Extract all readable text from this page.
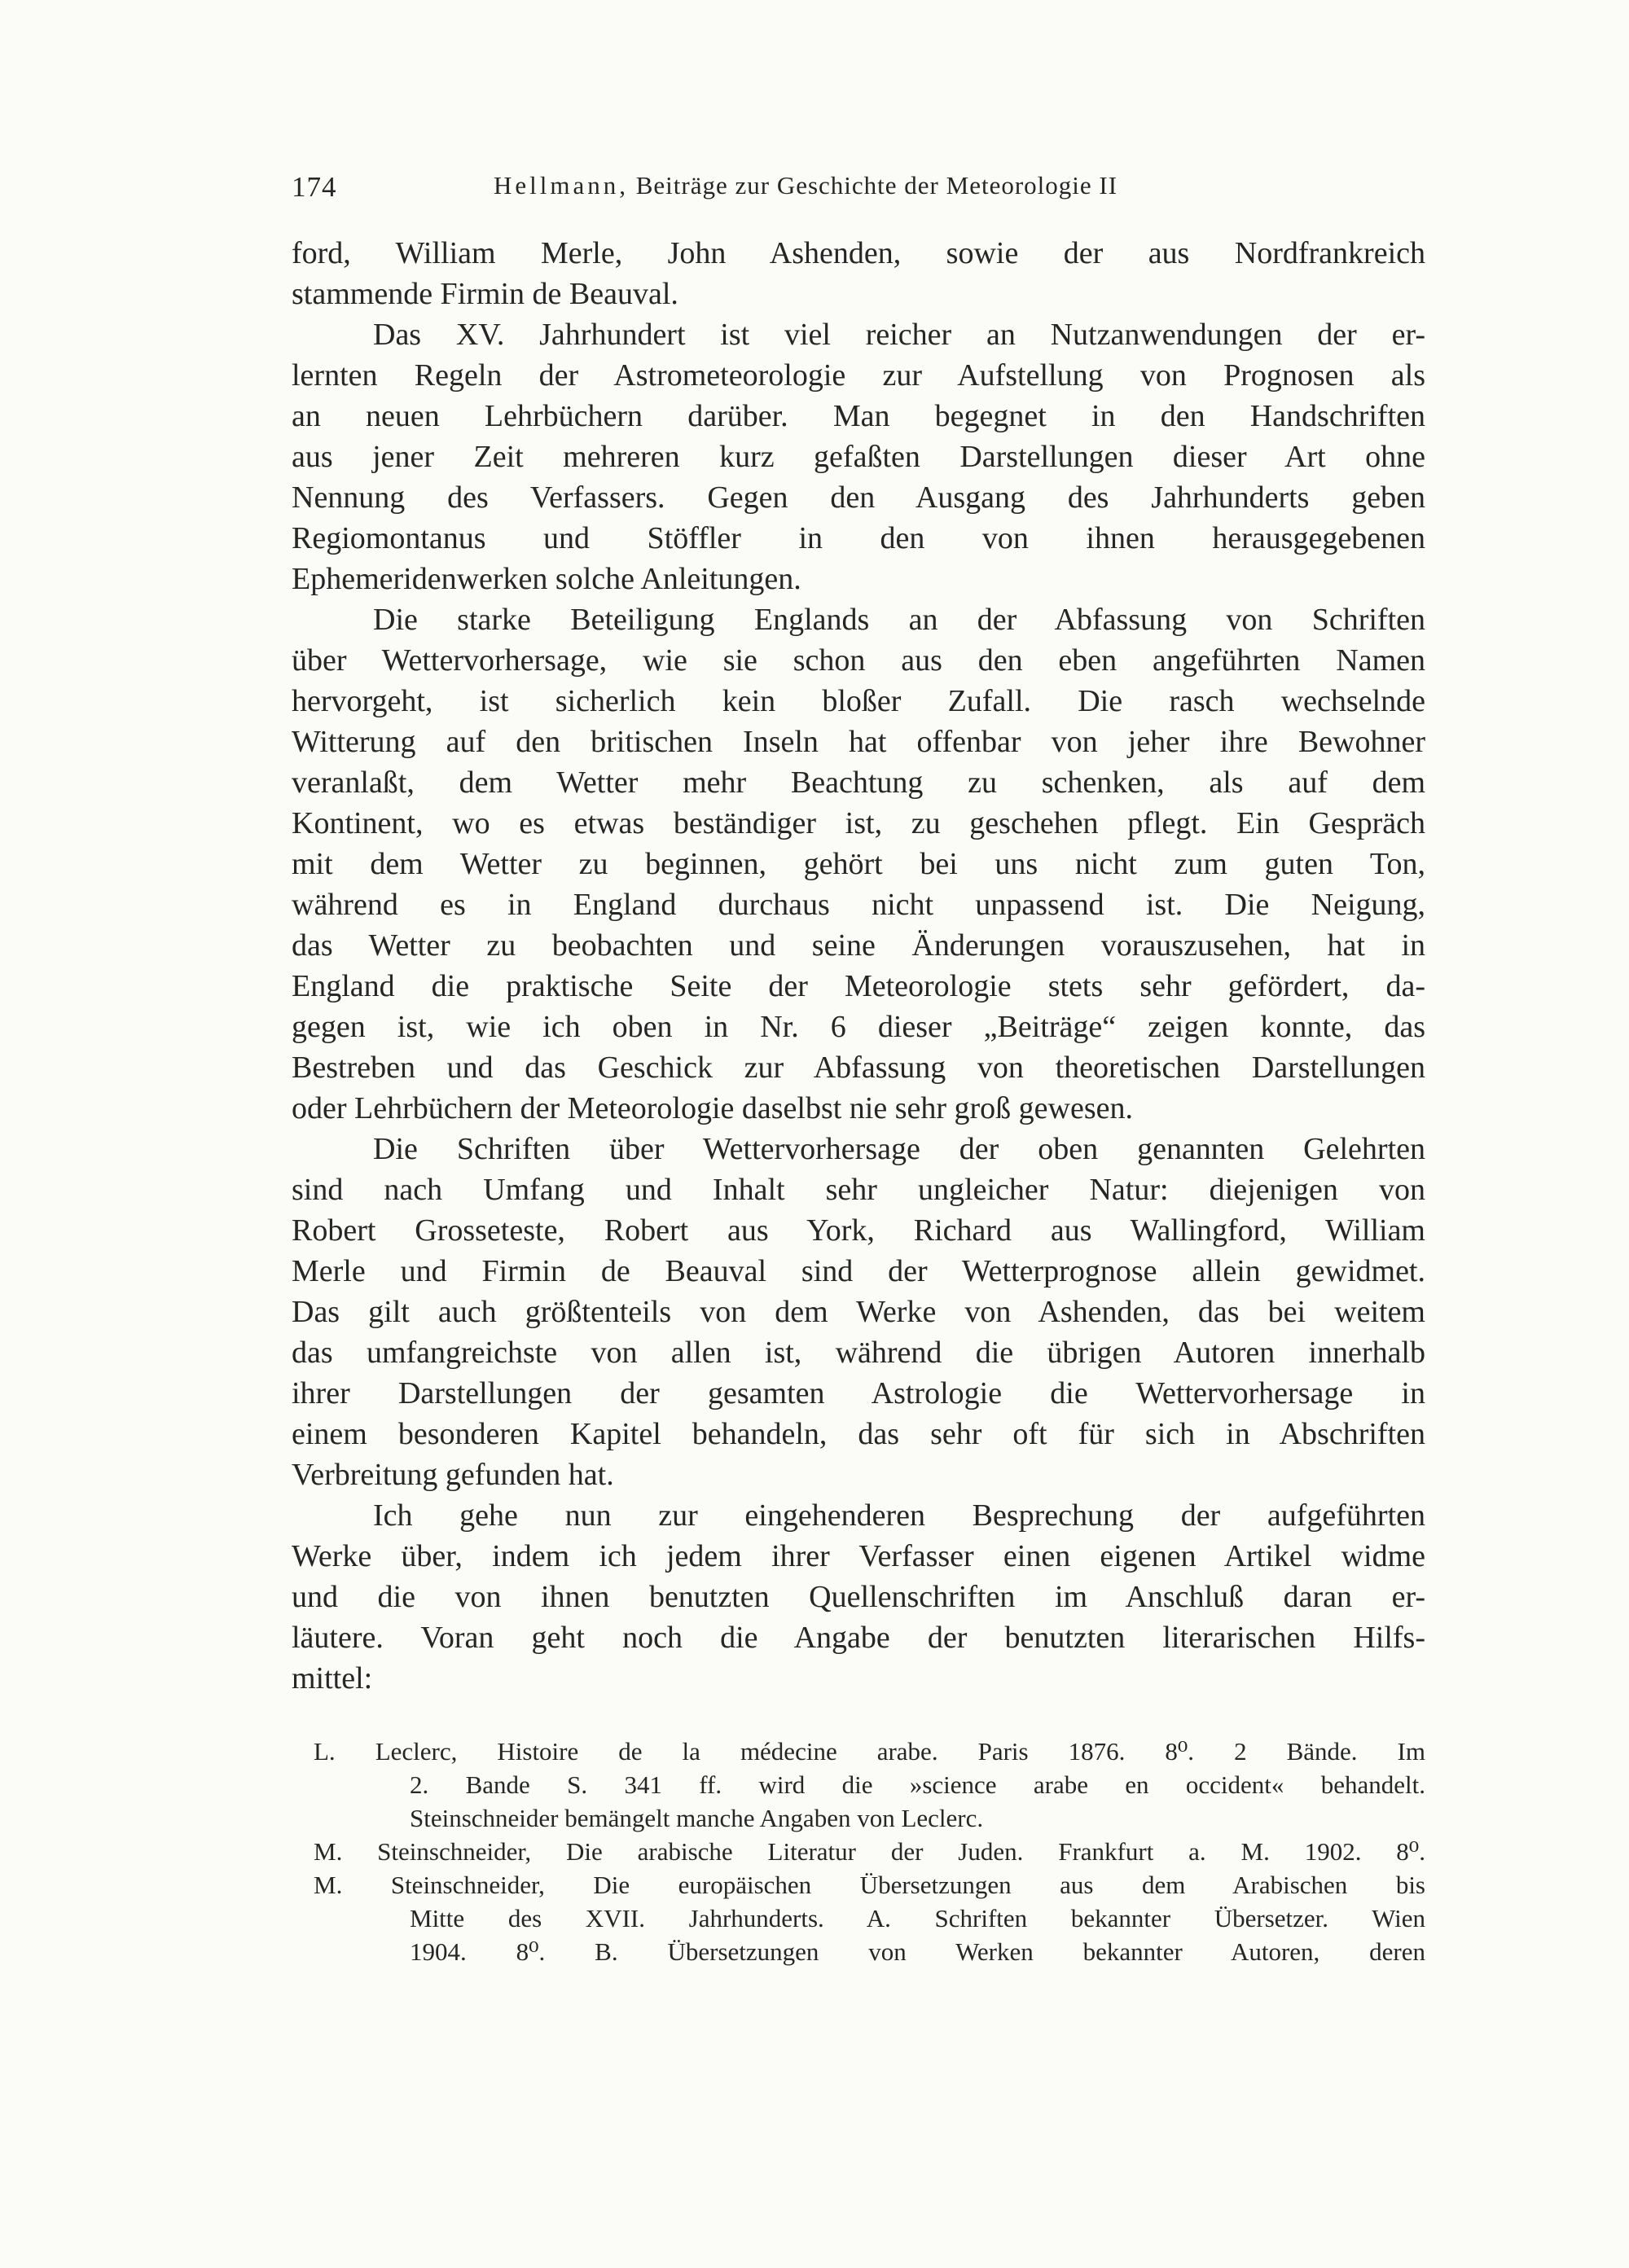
174	Hellmann, Beiträge zur Geschichte der Meteorologie II
ford, William Merle, John Ashenden, sowie der aus Nordfrankreich
stammende Firmin de Beauval.
Das XV. Jahrhundert ist viel reicher an Nutzanwendungen der er-
lernten Regeln der Astrometeorologie zur Aufstellung von Prognosen als
an neuen Lehrbüchern darüber. Man begegnet in den Handschriften
aus jener Zeit mehreren kurz gefaßten Darstellungen dieser Art ohne
Nennung des Verfassers. Gegen den Ausgang des Jahrhunderts geben
Regiomontanus und Stöffler in den von ihnen herausgegebenen
Ephemeridenwerken solche Anleitungen.
Die starke Beteiligung Englands an der Abfassung von Schriften
über Wettervorhersage, wie sie schon aus den eben angeführten Namen
hervorgeht, ist sicherlich kein bloßer Zufall. Die rasch wechselnde
Witterung auf den britischen Inseln hat offenbar von jeher ihre Bewohner
veranlaßt, dem Wetter mehr Beachtung zu schenken, als auf dem
Kontinent, wo es etwas beständiger ist, zu geschehen pflegt. Ein Gespräch
mit dem Wetter zu beginnen, gehört bei uns nicht zum guten Ton,
während es in England durchaus nicht unpassend ist. Die Neigung,
das Wetter zu beobachten und seine Änderungen vorauszusehen, hat in
England die praktische Seite der Meteorologie stets sehr gefördert, da-
gegen ist, wie ich oben in Nr. 6 dieser „Beiträge“ zeigen konnte, das
Bestreben und das Geschick zur Abfassung von theoretischen Darstellungen
oder Lehrbüchern der Meteorologie daselbst nie sehr groß gewesen.
Die Schriften über Wettervorhersage der oben genannten Gelehrten
sind nach Umfang und Inhalt sehr ungleicher Natur: diejenigen von
Robert Grosseteste, Robert aus York, Richard aus Wallingford, William
Merle und Firmin de Beauval sind der Wetterprognose allein gewidmet.
Das gilt auch größtenteils von dem Werke von Ashenden, das bei weitem
das umfangreichste von allen ist, während die übrigen Autoren innerhalb
ihrer Darstellungen der gesamten Astrologie die Wettervorhersage in
einem besonderen Kapitel behandeln, das sehr oft für sich in Abschriften
Verbreitung gefunden hat.
Ich gehe nun zur eingehenderen Besprechung der aufgeführten
Werke über, indem ich jedem ihrer Verfasser einen eigenen Artikel widme
und die von ihnen benutzten Quellenschriften im Anschluß daran er-
läutere. Voran geht noch die Angabe der benutzten literarischen Hilfs-
mittel:
L. Leclerc, Histoire de la médecine arabe. Paris 1876. 8⁰. 2 Bände. Im
2. Bande S. 341 ff. wird die »science arabe en occident« behandelt.
Steinschneider bemängelt manche Angaben von Leclerc.
M. Steinschneider, Die arabische Literatur der Juden. Frankfurt a. M. 1902. 8⁰.
M. Steinschneider, Die europäischen Übersetzungen aus dem Arabischen bis
Mitte des XVII. Jahrhunderts. A. Schriften bekannter Übersetzer. Wien
1904. 8⁰. B. Übersetzungen von Werken bekannter Autoren, deren
